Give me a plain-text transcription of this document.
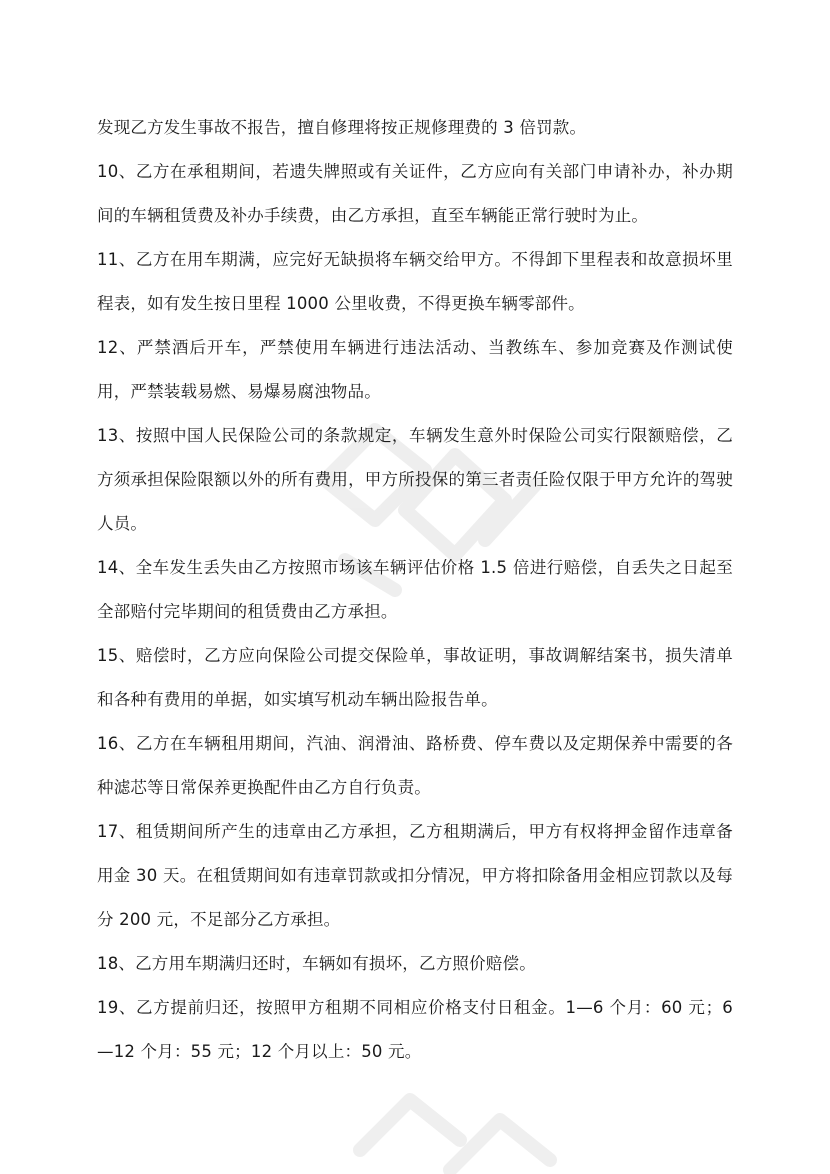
发现乙方发生事故不报告，擅自修理将按正规修理费的 3 倍罚款。

10、乙方在承租期间，若遗失牌照或有关证件，乙方应向有关部门申请补办，补办期间的车辆租赁费及补办手续费，由乙方承担，直至车辆能正常行驶时为止。

11、乙方在用车期满，应完好无缺损将车辆交给甲方。不得卸下里程表和故意损坏里程表，如有发生按日里程 1000 公里收费，不得更换车辆零部件。

12、严禁酒后开车，严禁使用车辆进行违法活动、当教练车、参加竞赛及作测试使用，严禁装载易燃、易爆易腐浊物品。

13、按照中国人民保险公司的条款规定，车辆发生意外时保险公司实行限额赔偿，乙方须承担保险限额以外的所有费用，甲方所投保的第三者责任险仅限于甲方允许的驾驶人员。

14、全车发生丢失由乙方按照市场该车辆评估价格 1.5 倍进行赔偿，自丢失之日起至全部赔付完毕期间的租赁费由乙方承担。

15、赔偿时，乙方应向保险公司提交保险单，事故证明，事故调解结案书，损失清单和各种有费用的单据，如实填写机动车辆出险报告单。

16、乙方在车辆租用期间，汽油、润滑油、路桥费、停车费以及定期保养中需要的各种滤芯等日常保养更换配件由乙方自行负责。

17、租赁期间所产生的违章由乙方承担，乙方租期满后，甲方有权将押金留作违章备用金 30 天。在租赁期间如有违章罚款或扣分情况，甲方将扣除备用金相应罚款以及每分 200 元，不足部分乙方承担。

18、乙方用车期满归还时，车辆如有损坏，乙方照价赔偿。

19、乙方提前归还，按照甲方租期不同相应价格支付日租金。1—6 个月：60 元；6—12 个月：55 元；12 个月以上：50 元。
